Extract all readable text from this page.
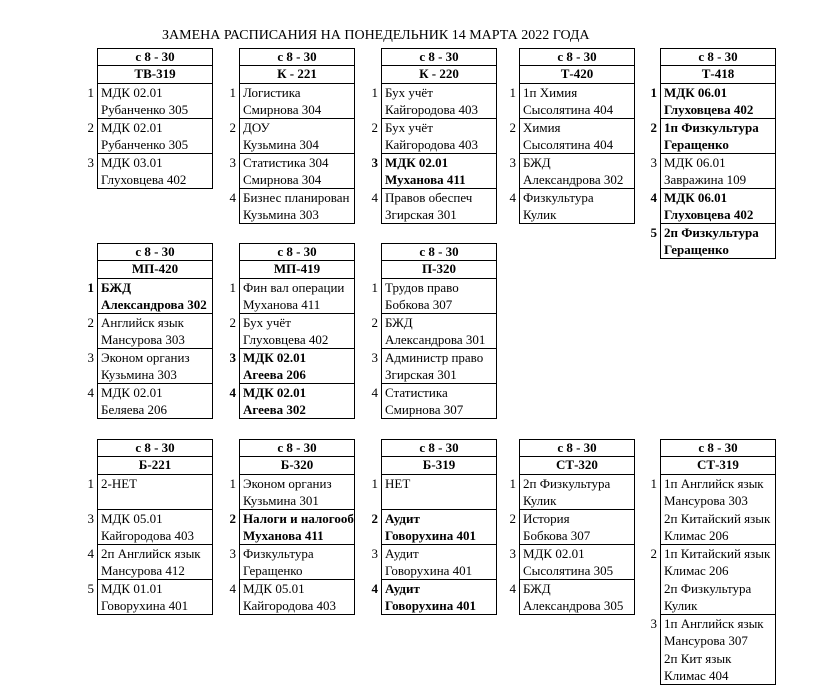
ЗАМЕНА РАСПИСАНИЯ НА ПОНЕДЕЛЬНИК 14 МАРТА 2022 ГОДА
с 8 - 30
ТВ-319
1 МДК 02.01
Рубанченко 305
2 МДК 02.01
Рубанченко 305
3 МДК 03.01
Глуховцева 402
с 8 - 30
К - 221
1 Логистика
Смирнова 304
2 ДОУ
Кузьмина 304
3 Статистика 304
Смирнова 304
4 Бизнес планирован
Кузьмина 303
с 8 - 30
К - 220
1 Бух учёт
Кайгородова 403
2 Бух учёт
Кайгородова 403
3 МДК 02.01
Муханова 411
4 Правов обеспеч
Згирская 301
с 8 - 30
Т-420
1 1п Химия
Сысолятина 404
2 Химия
Сысолятина 404
3 БЖД
Александрова 302
4 Физкультура
Кулик
с 8 - 30
Т-418
1 МДК 06.01
Глуховцева 402
2 1п Физкультура
Геращенко
3 МДК 06.01
Завражина 109
4 МДК 06.01
Глуховцева 402
5 2п Физкультура
Геращенко
с 8 - 30
МП-420
1 БЖД
Александрова 302
2 Английск язык
Мансурова 303
3 Эконом организ
Кузьмина 303
4 МДК 02.01
Беляева 206
с 8 - 30
МП-419
1 Фин вал операции
Муханова 411
2 Бух учёт
Глуховцева 402
3 МДК 02.01
Агеева 206
4 МДК 02.01
Агеева 302
с 8 - 30
П-320
1 Трудов право
Бобкова 307
2 БЖД
Александрова 301
3 Администр право
Згирская 301
4 Статистика
Смирнова 307
с 8 - 30
Б-221
1 2-НЕТ
3 МДК 05.01
Кайгородова 403
4 2п Английск язык
Мансурова 412
5 МДК 01.01
Говорухина 401
с 8 - 30
Б-320
1 Эконом организ
Кузьмина 301
2 Налоги и налогооб
Муханова 411
3 Физкультура
Геращенко
4 МДК 05.01
Кайгородова 403
с 8 - 30
Б-319
1 НЕТ
2 Аудит
Говорухина 401
3 Аудит
Говорухина 401
4 Аудит
Говорухина 401
с 8 - 30
СТ-320
1 2п Физкультура
Кулик
2 История
Бобкова 307
3 МДК 02.01
Сысолятина 305
4 БЖД
Александрова 305
с 8 - 30
СТ-319
1 1п Английск язык
Мансурова 303
2п Китайский язык
Климас 206
2 1п Китайский язык
Климас 206
2п Физкультура
Кулик
3 1п Английск язык
Мансурова 307
2п Кит язык
Климас 404
